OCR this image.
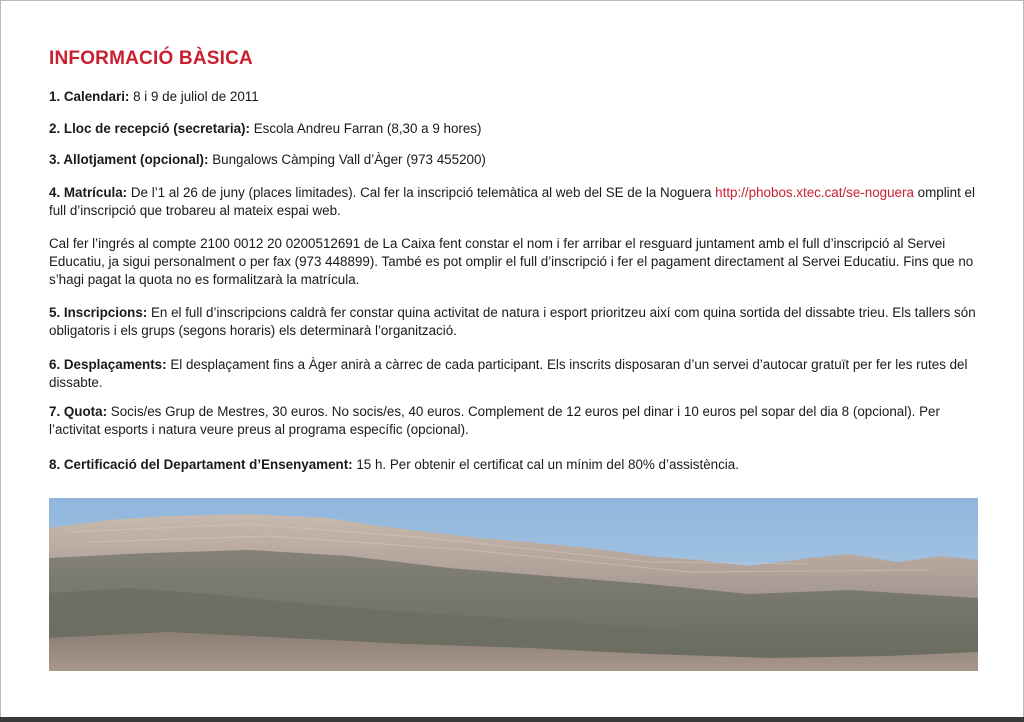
INFORMACIÓ BÀSICA

1. Calendari: 8 i 9 de juliol de 2011

2. Lloc de recepció (secretaria): Escola Andreu Farran (8,30 a 9 hores)

3. Allotjament (opcional): Bungalows Càmping Vall d’Àger (973 455200)

4. Matrícula: De l’1 al 26 de juny (places limitades). Cal fer la inscripció telemàtica al web del SE de la Noguera http://phobos.xtec.cat/se-noguera omplint el full d’inscripció que trobareu al mateix espai web.

Cal fer l’ingrés al compte 2100 0012 20 0200512691 de La Caixa fent constar el nom i fer arribar el resguard juntament amb el full d’inscripció al Servei Educatiu, ja sigui personalment o per fax (973 448899). També es pot omplir el full d’inscripció i fer el pagament directament al Servei Educatiu. Fins que no s’hagi pagat la quota no es formalitzarà la matrícula.

5. Inscripcions: En el full d’inscripcions caldrà fer constar quina activitat de natura i esport prioritzeu així com quina sortida del dissabte trieu. Els tallers són obligatoris i els grups (segons horaris) els determinarà l’organització.

6. Desplaçaments: El desplaçament fins a Àger anirà a càrrec de cada participant. Els inscrits disposaran d’un servei d’autocar gratuït per fer les rutes del dissabte.

7. Quota: Socis/es Grup de Mestres, 30 euros. No socis/es, 40 euros. Complement de 12 euros pel dinar i 10 euros pel sopar del dia 8 (opcional). Per l’activitat esports i natura veure preus al programa específic (opcional).

8. Certificació del Departament d’Ensenyament: 15 h. Per obtenir el certificat cal un mínim del 80% d’assistència.
